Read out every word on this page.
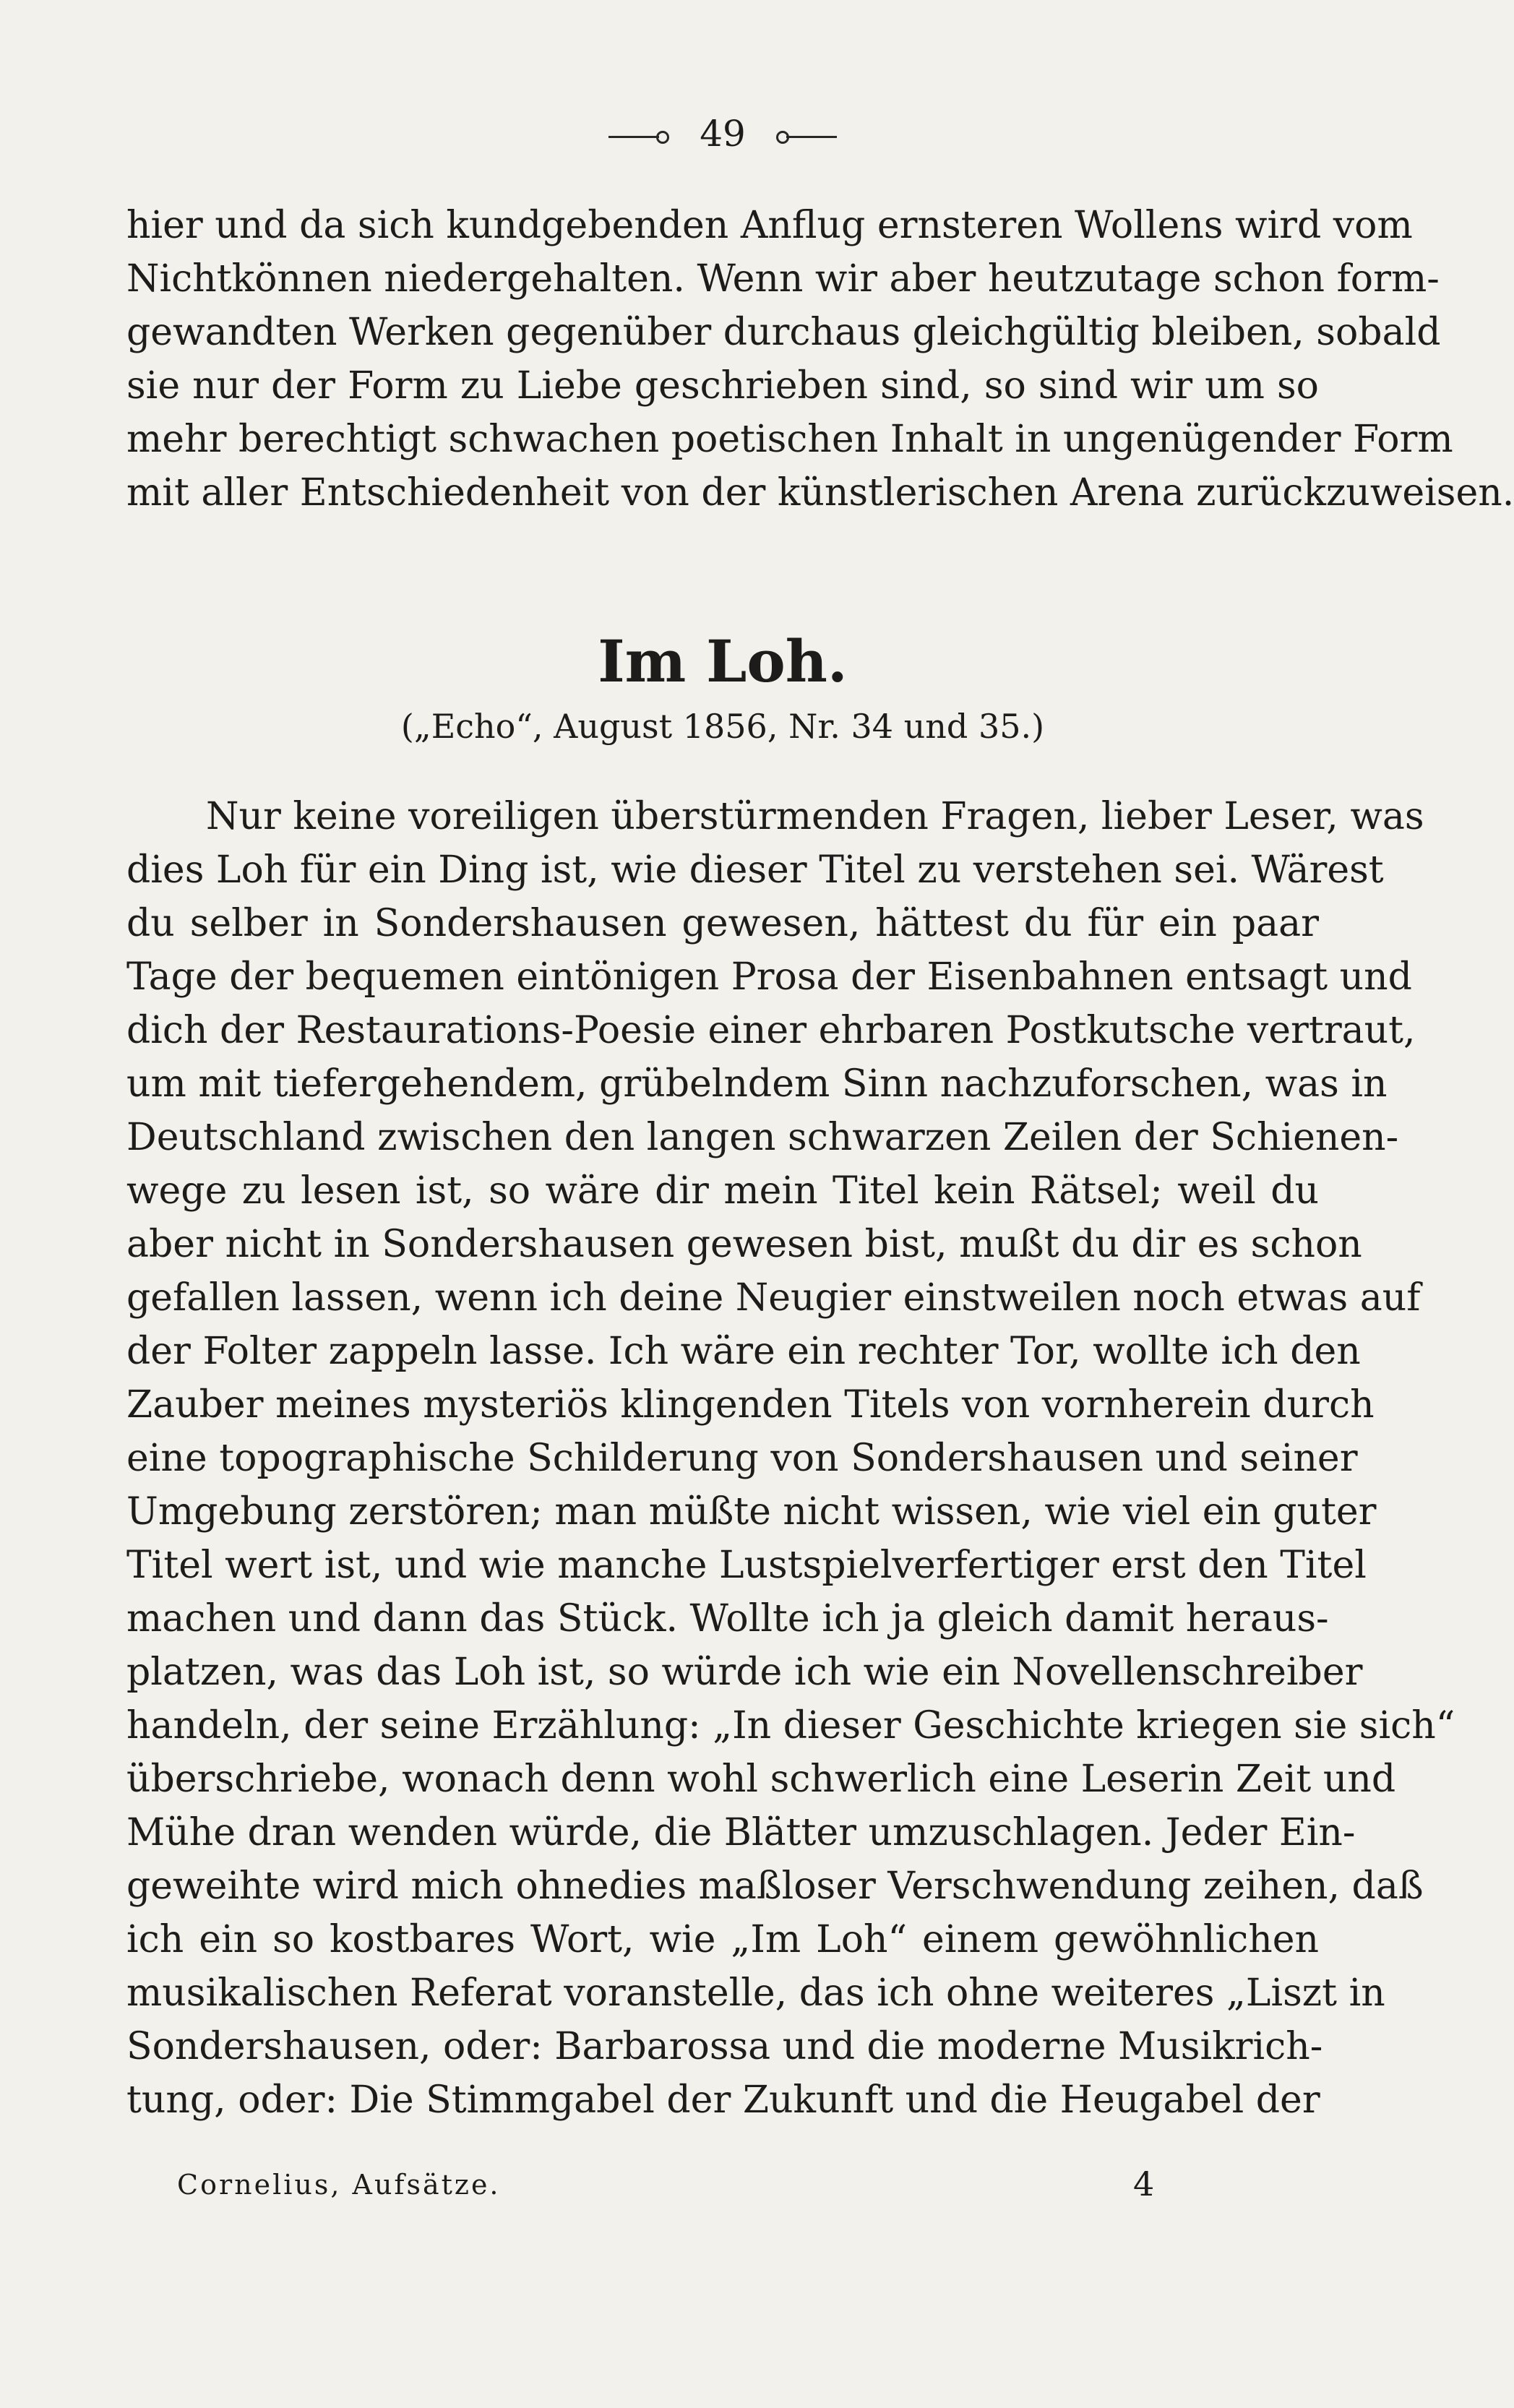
49
hier und da sich kundgebenden Anflug ernsteren Wollens wird vom
Nichtkönnen niedergehalten. Wenn wir aber heutzutage schon form-
gewandten Werken gegenüber durchaus gleichgültig bleiben, sobald
sie nur der Form zu Liebe geschrieben sind, so sind wir um so
mehr berechtigt schwachen poetischen Inhalt in ungenügender Form
mit aller Entschiedenheit von der künstlerischen Arena zurückzuweisen.
Im Loh.
(„Echo“, August 1856, Nr. 34 und 35.)
Nur keine voreiligen überstürmenden Fragen, lieber Leser, was
dies Loh für ein Ding ist, wie dieser Titel zu verstehen sei. Wärest
du selber in Sondershausen gewesen, hättest du für ein paar
Tage der bequemen eintönigen Prosa der Eisenbahnen entsagt und
dich der Restaurations-Poesie einer ehrbaren Postkutsche vertraut,
um mit tiefergehendem, grübelndem Sinn nachzuforschen, was in
Deutschland zwischen den langen schwarzen Zeilen der Schienen-
wege zu lesen ist, so wäre dir mein Titel kein Rätsel; weil du
aber nicht in Sondershausen gewesen bist, mußt du dir es schon
gefallen lassen, wenn ich deine Neugier einstweilen noch etwas auf
der Folter zappeln lasse. Ich wäre ein rechter Tor, wollte ich den
Zauber meines mysteriös klingenden Titels von vornherein durch
eine topographische Schilderung von Sondershausen und seiner
Umgebung zerstören; man müßte nicht wissen, wie viel ein guter
Titel wert ist, und wie manche Lustspielverfertiger erst den Titel
machen und dann das Stück. Wollte ich ja gleich damit heraus-
platzen, was das Loh ist, so würde ich wie ein Novellenschreiber
handeln, der seine Erzählung: „In dieser Geschichte kriegen sie sich“
überschriebe, wonach denn wohl schwerlich eine Leserin Zeit und
Mühe dran wenden würde, die Blätter umzuschlagen. Jeder Ein-
geweihte wird mich ohnedies maßloser Verschwendung zeihen, daß
ich ein so kostbares Wort, wie „Im Loh“ einem gewöhnlichen
musikalischen Referat voranstelle, das ich ohne weiteres „Liszt in
Sondershausen, oder: Barbarossa und die moderne Musikrich-
tung, oder: Die Stimmgabel der Zukunft und die Heugabel der
Cornelius, Aufsätze.	4
